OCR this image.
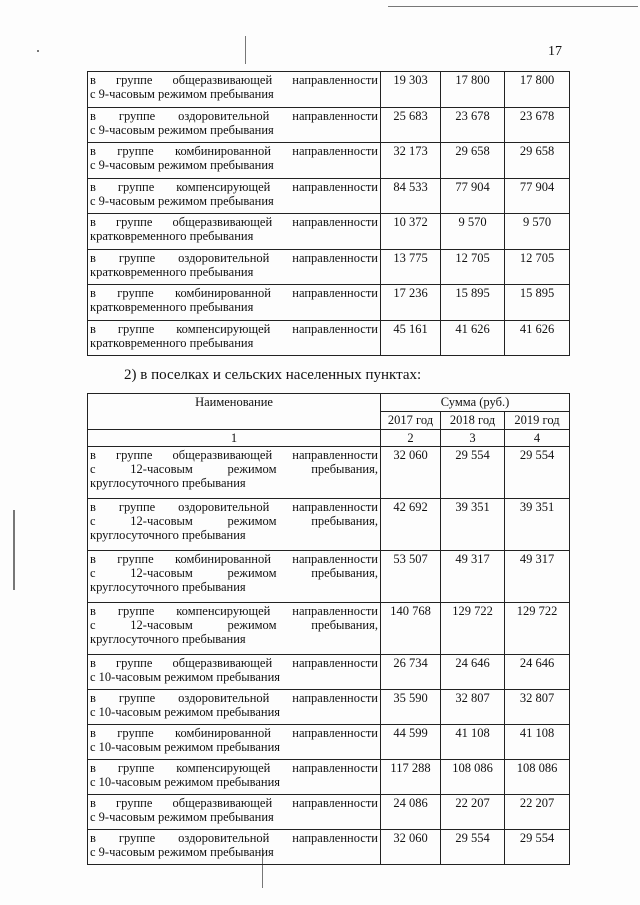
17
в группе общеразвивающей направленности
с 9-часовым режимом пребывания	19 303	17 800	17 800

в группе оздоровительной направленности
с 9-часовым режимом пребывания	25 683	23 678	23 678

в группе комбинированной направленности
с 9-часовым режимом пребывания	32 173	29 658	29 658

в группе компенсирующей направленности
с 9-часовым режимом пребывания	84 533	77 904	77 904

в группе общеразвивающей направленности
кратковременного пребывания	10 372	9 570	9 570

в группе оздоровительной направленности
кратковременного пребывания	13 775	12 705	12 705

в группе комбинированной направленности
кратковременного пребывания	17 236	15 895	15 895

в группе компенсирующей направленности
кратковременного пребывания	45 161	41 626	41 626
2) в поселках и сельских населенных пунктах:
Наименование	Сумма (руб.)		
	2017 год	2018 год	2019 год
1	2	3	4

в группе общеразвивающей направленности
с 12-часовым режимом пребывания,
круглосуточного пребывания	32 060	29 554	29 554

в группе оздоровительной направленности
с 12-часовым режимом пребывания,
круглосуточного пребывания	42 692	39 351	39 351

в группе комбинированной направленности
с 12-часовым режимом пребывания,
круглосуточного пребывания	53 507	49 317	49 317

в группе компенсирующей направленности
с 12-часовым режимом пребывания,
круглосуточного пребывания	140 768	129 722	129 722

в группе общеразвивающей направленности
с 10-часовым режимом пребывания	26 734	24 646	24 646

в группе оздоровительной направленности
с 10-часовым режимом пребывания	35 590	32 807	32 807

в группе комбинированной направленности
с 10-часовым режимом пребывания	44 599	41 108	41 108

в группе компенсирующей направленности
с 10-часовым режимом пребывания	117 288	108 086	108 086

в группе общеразвивающей направленности
с 9-часовым режимом пребывания	24 086	22 207	22 207

в группе оздоровительной направленности
с 9-часовым режимом пребывания	32 060	29 554	29 554
